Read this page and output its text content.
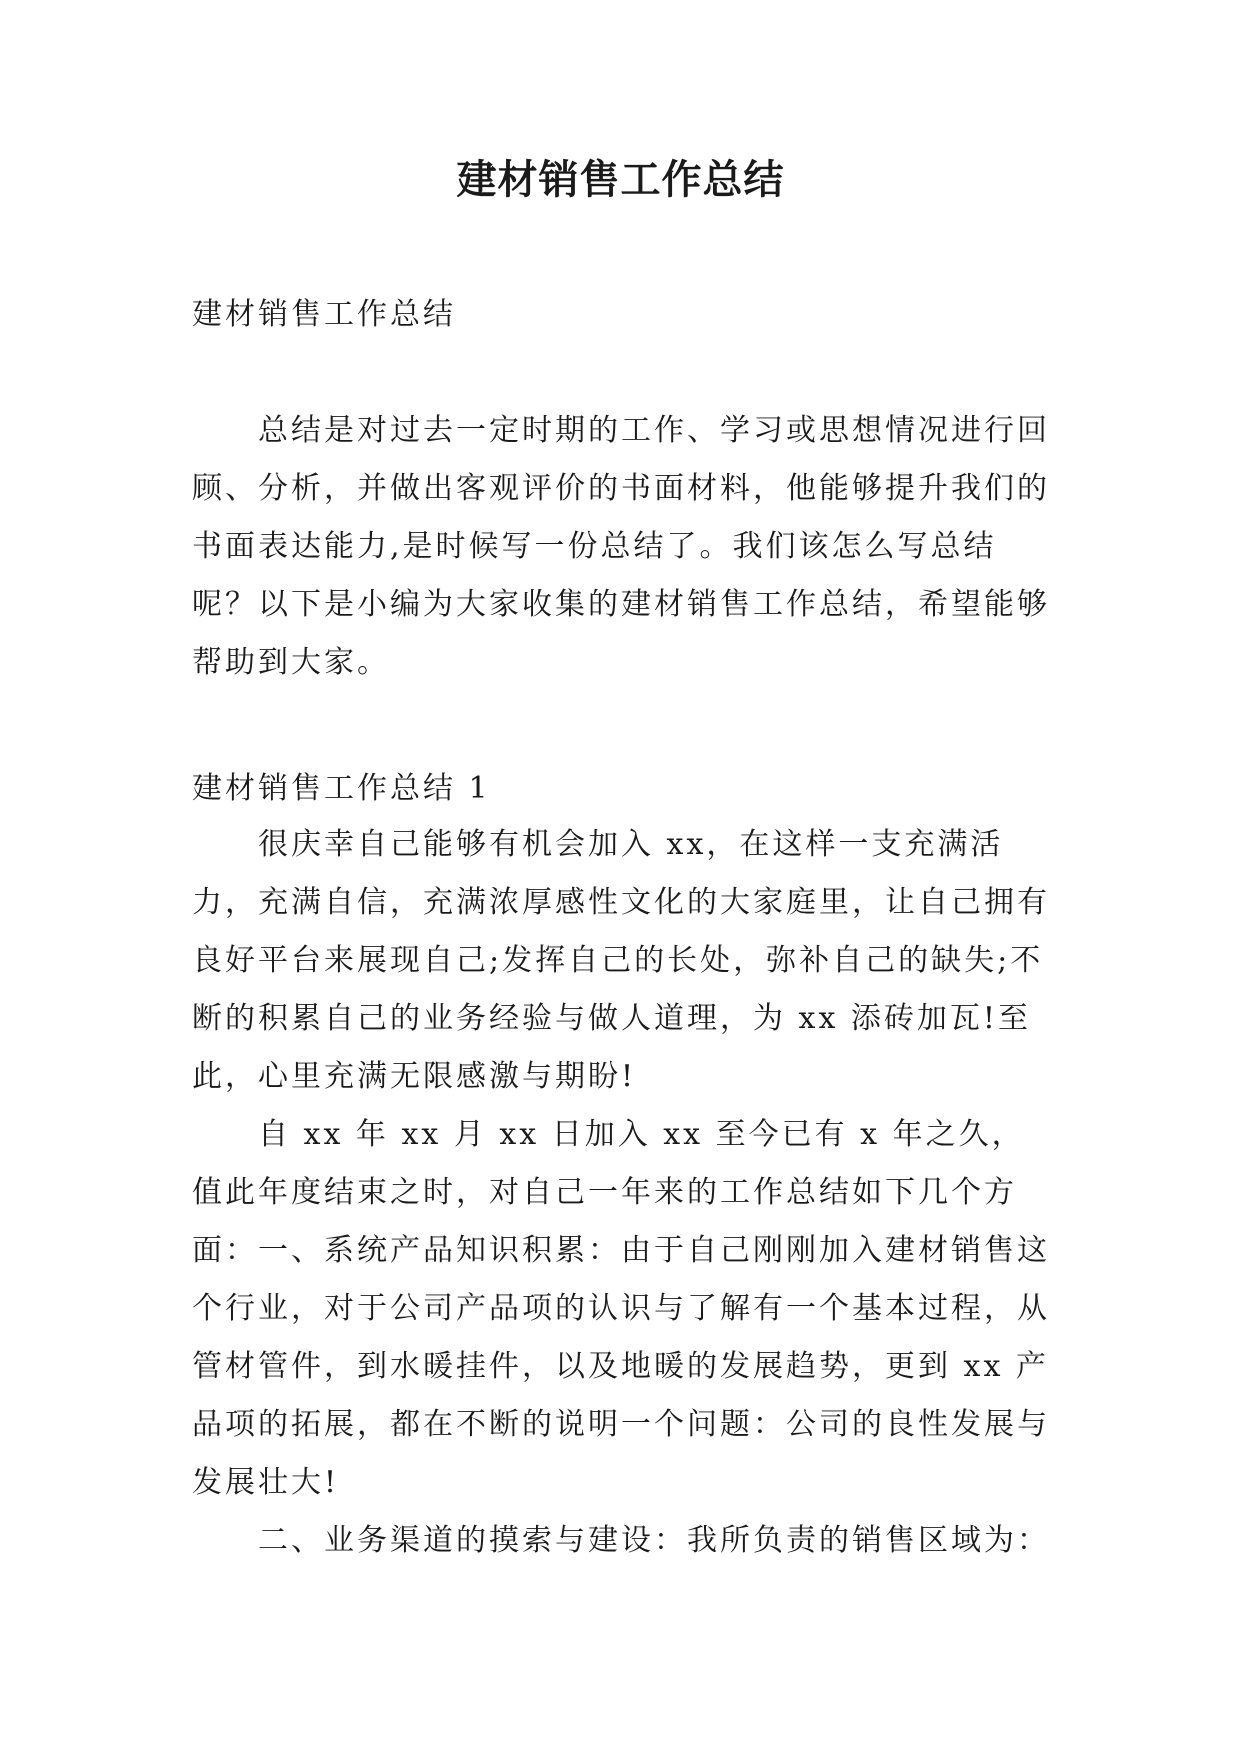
建材销售工作总结

建材销售工作总结

总结是对过去一定时期的工作、学习或思想情况进行回顾、分析，并做出客观评价的书面材料，他能够提升我们的书面表达能力,是时候写一份总结了。我们该怎么写总结呢？以下是小编为大家收集的建材销售工作总结，希望能够帮助到大家。

建材销售工作总结 1

很庆幸自己能够有机会加入 xx，在这样一支充满活力，充满自信，充满浓厚感性文化的大家庭里，让自己拥有良好平台来展现自己;发挥自己的长处，弥补自己的缺失;不断的积累自己的业务经验与做人道理，为 xx 添砖加瓦!至此，心里充满无限感激与期盼!

自 xx 年 xx 月 xx 日加入 xx 至今已有 x 年之久，值此年度结束之时，对自己一年来的工作总结如下几个方面： 一、系统产品知识积累：由于自己刚刚加入建材销售这个行业，对于公司产品项的认识与了解有一个基本过程，从管材管件，到水暖挂件，以及地暖的发展趋势，更到 xx 产品项的拓展，都在不断的说明一个问题：公司的良性发展与发展壮大!

二、业务渠道的摸索与建设：我所负责的销售区域为：
